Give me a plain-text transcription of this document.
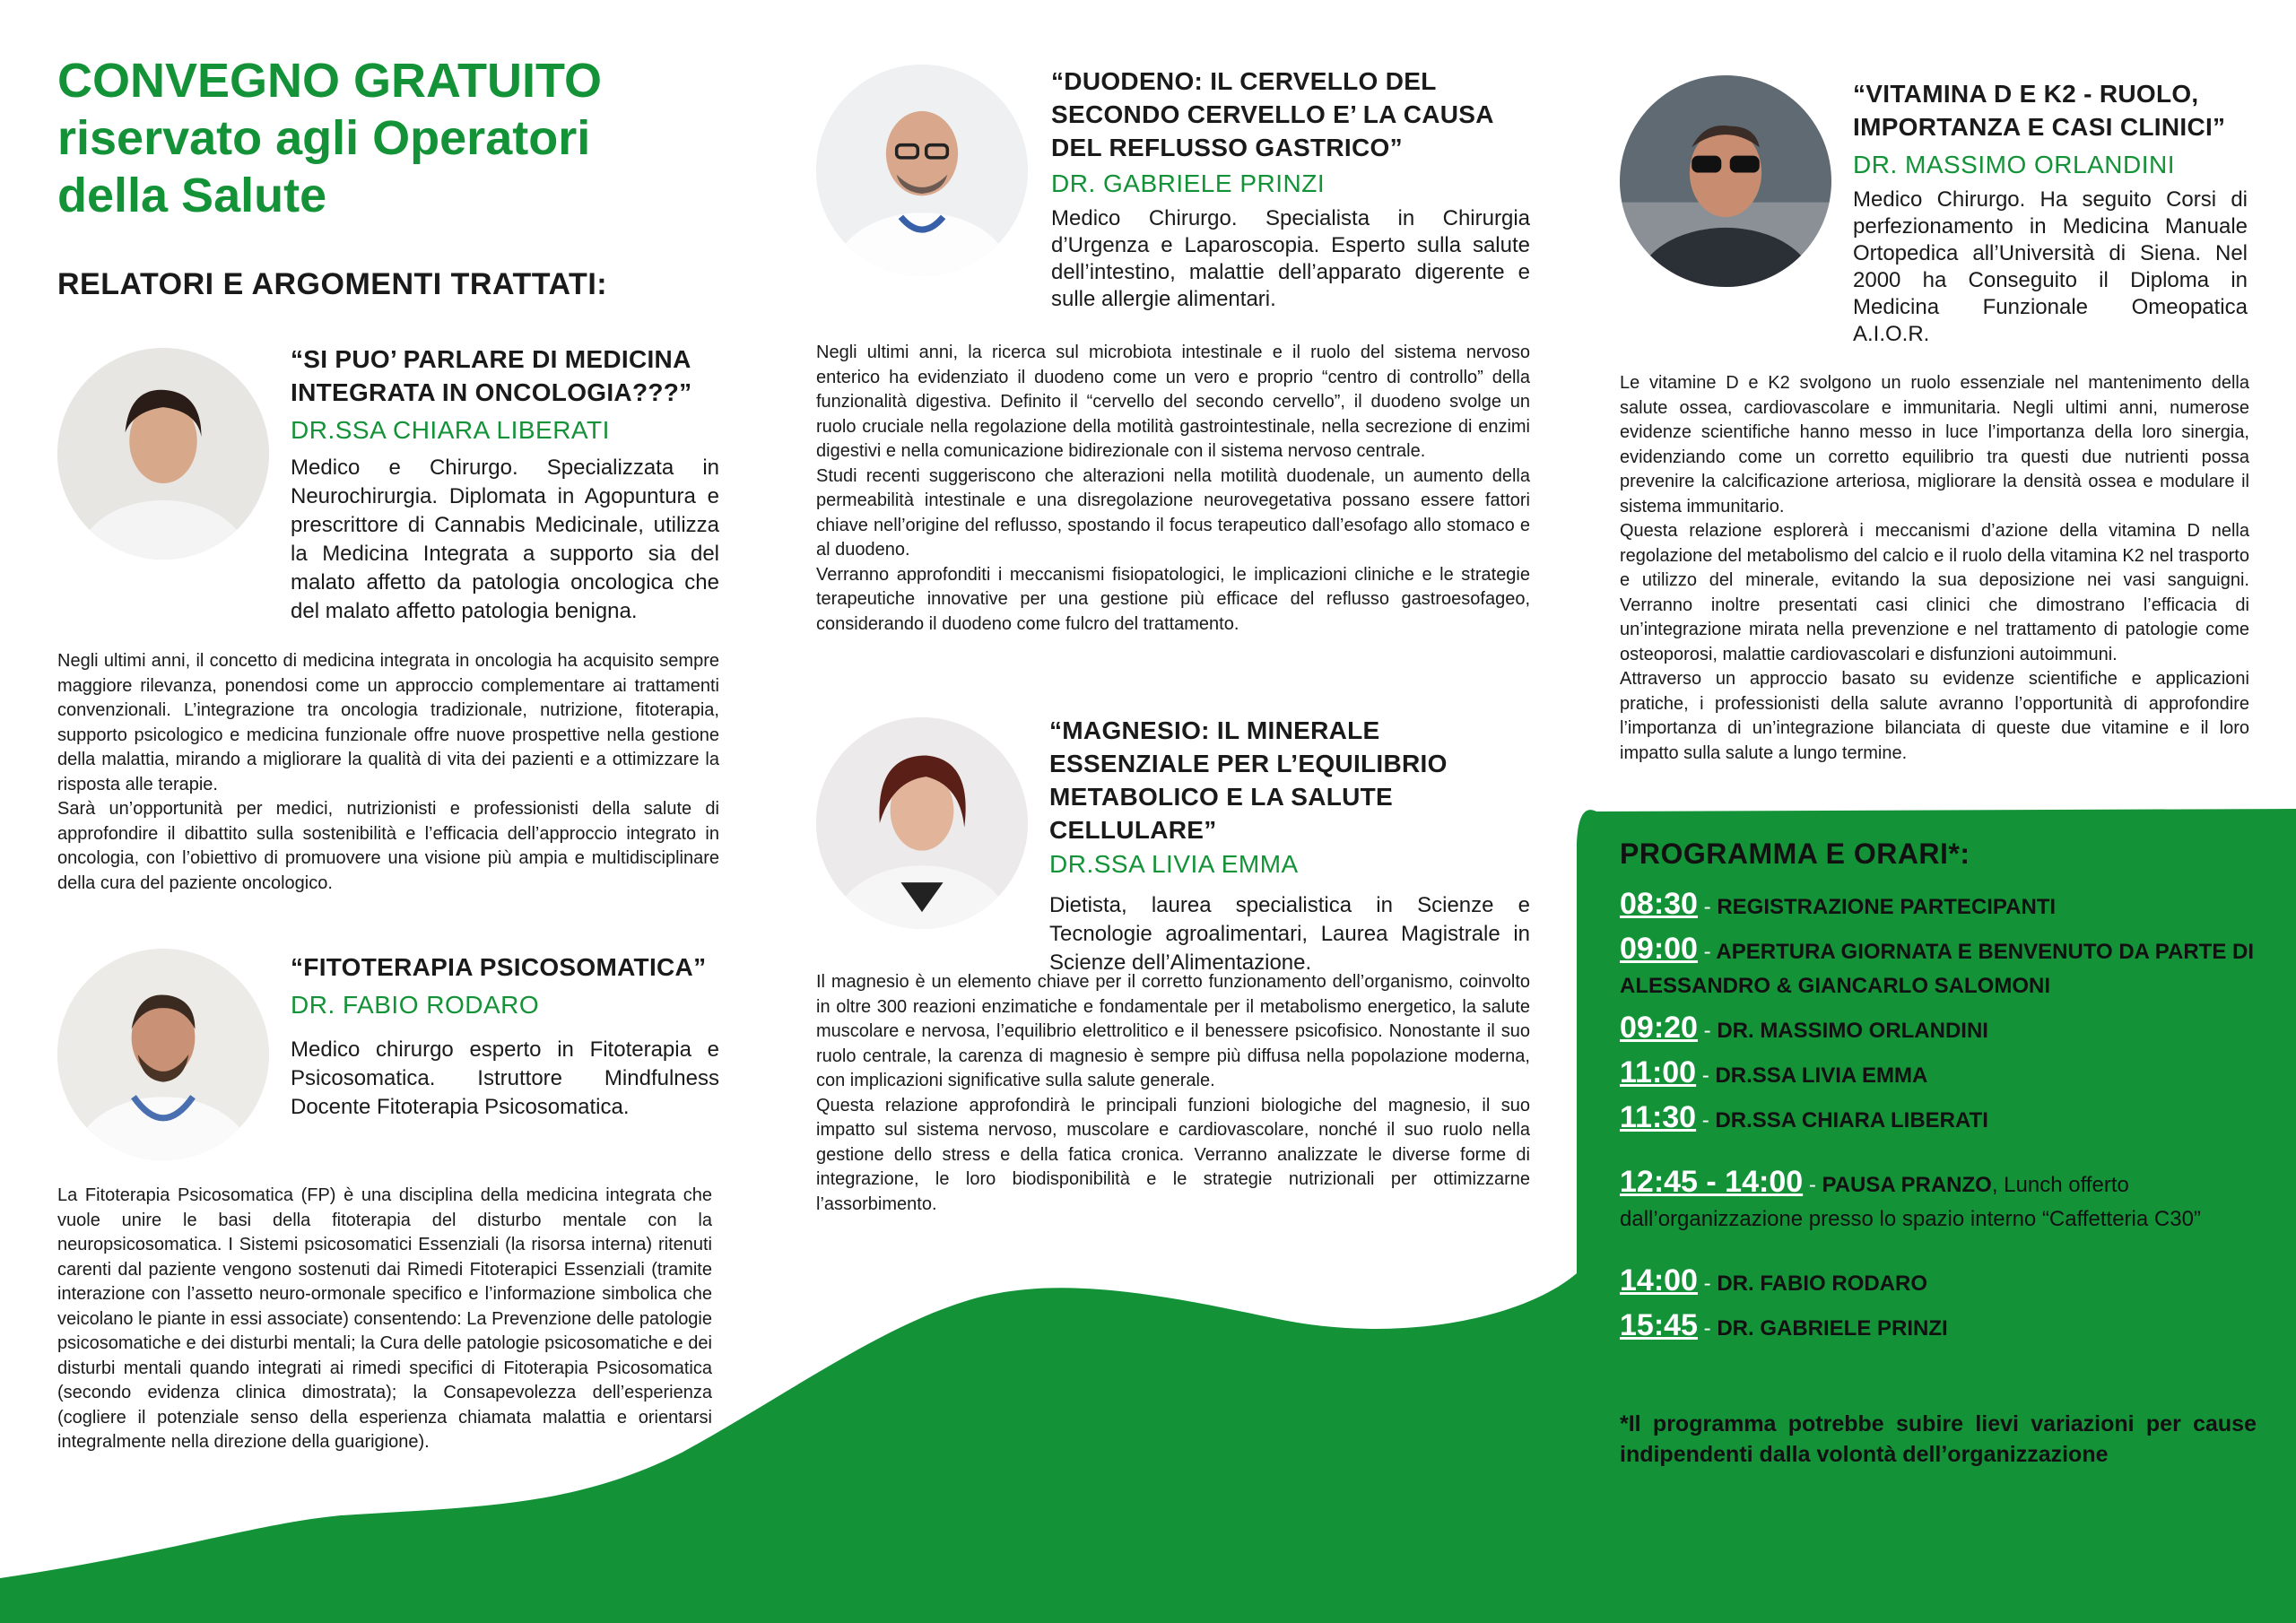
CONVEGNO GRATUITO
riservato agli Operatori
della Salute
RELATORI E ARGOMENTI TRATTATI:
“SI PUO’ PARLARE DI MEDICINA INTEGRATA IN ONCOLOGIA???”
DR.SSA CHIARA LIBERATI
Medico e Chirurgo. Specializzata in Neurochirurgia. Diplomata in Agopuntura e prescrittore di Cannabis Medicinale, utilizza la Medicina Integrata a supporto sia del malato affetto da patologia oncologica che del malato affetto patologia benigna.
Negli ultimi anni, il concetto di medicina integrata in oncologia ha acquisito sempre maggiore rilevanza, ponendosi come un approccio complementare ai trattamenti convenzionali. L’integrazione tra oncologia tradizionale, nutrizione, fitoterapia, supporto psicologico e medicina funzionale offre nuove prospettive nella gestione della malattia, mirando a migliorare la qualità di vita dei pazienti e a ottimizzare la risposta alle terapie.
Sarà un’opportunità per medici, nutrizionisti e professionisti della salute di approfondire il dibattito sulla sostenibilità e l’efficacia dell’approccio integrato in oncologia, con l’obiettivo di promuovere una visione più ampia e multidisciplinare della cura del paziente oncologico.
“FITOTERAPIA PSICOSOMATICA”
DR. FABIO RODARO
Medico chirurgo esperto in Fitoterapia e Psicosomatica. Istruttore Mindfulness Docente Fitoterapia Psicosomatica.
La Fitoterapia Psicosomatica (FP) è una disciplina della medicina integrata che vuole unire le basi della fitoterapia del disturbo mentale con la neuropsicosomatica. I Sistemi psicosomatici Essenziali (la risorsa interna) ritenuti carenti dal paziente vengono sostenuti dai Rimedi Fitoterapici Essenziali (tramite interazione con l’assetto neuro-ormonale specifico e l’informazione simbolica che veicolano le piante in essi associate) consentendo: La Prevenzione delle patologie psicosomatiche e dei disturbi mentali; la Cura delle patologie psicosomatiche e dei disturbi mentali quando integrati ai rimedi specifici di Fitoterapia Psicosomatica (secondo evidenza clinica dimostrata); la Consapevolezza dell’esperienza (cogliere il potenziale senso della esperienza chiamata malattia e orientarsi integralmente nella direzione della guarigione).
“DUODENO: IL CERVELLO DEL SECONDO CERVELLO E’ LA CAUSA DEL REFLUSSO GASTRICO”
DR. GABRIELE PRINZI
Medico Chirurgo. Specialista in Chirurgia d’Urgenza e Laparoscopia. Esperto sulla salute dell’intestino, malattie dell’apparato digerente e sulle allergie alimentari.
Negli ultimi anni, la ricerca sul microbiota intestinale e il ruolo del sistema nervoso enterico ha evidenziato il duodeno come un vero e proprio “centro di controllo” della funzionalità digestiva. Definito il “cervello del secondo cervello”, il duodeno svolge un ruolo cruciale nella regolazione della motilità gastrointestinale, nella secrezione di enzimi digestivi e nella comunicazione bidirezionale con il sistema nervoso centrale.
Studi recenti suggeriscono che alterazioni nella motilità duodenale, un aumento della permeabilità intestinale e una disregolazione neurovegetativa possano essere fattori chiave nell’origine del reflusso, spostando il focus terapeutico dall’esofago allo stomaco e al duodeno.
Verranno approfonditi i meccanismi fisiopatologici, le implicazioni cliniche e le strategie terapeutiche innovative per una gestione più efficace del reflusso gastroesofageo, considerando il duodeno come fulcro del trattamento.
“MAGNESIO: IL MINERALE ESSENZIALE PER L’EQUILIBRIO METABOLICO E LA SALUTE CELLULARE”
DR.SSA LIVIA EMMA
Dietista, laurea specialistica in Scienze e Tecnologie agroalimentari, Laurea Magistrale in Scienze dell’Alimentazione.
Il magnesio è un elemento chiave per il corretto funzionamento dell’organismo, coinvolto in oltre 300 reazioni enzimatiche e fondamentale per il metabolismo energetico, la salute muscolare e nervosa, l’equilibrio elettrolitico e il benessere psicofisico. Nonostante il suo ruolo centrale, la carenza di magnesio è sempre più diffusa nella popolazione moderna, con implicazioni significative sulla salute generale.
Questa relazione approfondirà le principali funzioni biologiche del magnesio, il suo impatto sul sistema nervoso, muscolare e cardiovascolare, nonché il suo ruolo nella gestione dello stress e della fatica cronica. Verranno analizzate le diverse forme di integrazione, le loro biodisponibilità e le strategie nutrizionali per ottimizzarne l’assorbimento.
“VITAMINA D E K2 - RUOLO, IMPORTANZA E CASI CLINICI”
DR. MASSIMO ORLANDINI
Medico Chirurgo. Ha seguito Corsi di perfezionamento in Medicina Manuale Ortopedica all’Università di Siena. Nel 2000 ha Conseguito il Diploma in Medicina Funzionale Omeopatica A.I.O.R.
Le vitamine D e K2 svolgono un ruolo essenziale nel mantenimento della salute ossea, cardiovascolare e immunitaria. Negli ultimi anni, numerose evidenze scientifiche hanno messo in luce l’importanza della loro sinergia, evidenziando come un corretto equilibrio tra questi due nutrienti possa prevenire la calcificazione arteriosa, migliorare la densità ossea e modulare il sistema immunitario.
Questa relazione esplorerà i meccanismi d’azione della vitamina D nella regolazione del metabolismo del calcio e il ruolo della vitamina K2 nel trasporto e utilizzo del minerale, evitando la sua deposizione nei vasi sanguigni. Verranno inoltre presentati casi clinici che dimostrano l’efficacia di un’integrazione mirata nella prevenzione e nel trattamento di patologie come osteoporosi, malattie cardiovascolari e disfunzioni autoimmuni.
Attraverso un approccio basato su evidenze scientifiche e applicazioni pratiche, i professionisti della salute avranno l’opportunità di approfondire l’importanza di un’integrazione bilanciata di queste due vitamine e il loro impatto sulla salute a lungo termine.
PROGRAMMA E ORARI*:
08:30 - REGISTRAZIONE PARTECIPANTI
09:00 - APERTURA GIORNATA E BENVENUTO DA PARTE DI ALESSANDRO & GIANCARLO SALOMONI
09:20 - DR. MASSIMO ORLANDINI
11:00 - DR.SSA LIVIA EMMA
11:30 - DR.SSA CHIARA LIBERATI
12:45 - 14:00 - PAUSA PRANZO, Lunch offerto dall’organizzazione presso lo spazio interno “Caffetteria C30”
14:00 - DR. FABIO RODARO
15:45 - DR. GABRIELE PRINZI
*Il programma potrebbe subire lievi variazioni per cause indipendenti dalla volontà dell’organizzazione
